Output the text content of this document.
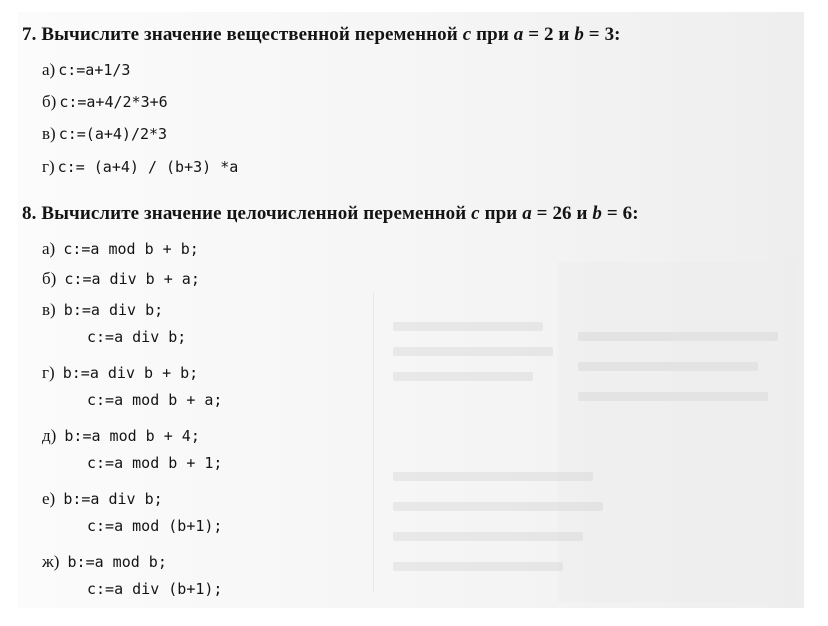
7. Вычислите значение вещественной переменной c при a = 2 и b = 3:
а) c:=a+1/3
б) c:=a+4/2*3+6
в) c:=(a+4)/2*3
г) c:= (a+4) / (b+3) *a
8. Вычислите значение целочисленной переменной c при a = 26 и b = 6:
а) c:=a mod b + b;
б) c:=a div b + a;
в) b:=a div b;
c:=a div b;
г) b:=a div b + b;
c:=a mod b + a;
д) b:=a mod b + 4;
c:=a mod b + 1;
е) b:=a div b;
c:=a mod (b+1);
ж) b:=a mod b;
c:=a div (b+1);
